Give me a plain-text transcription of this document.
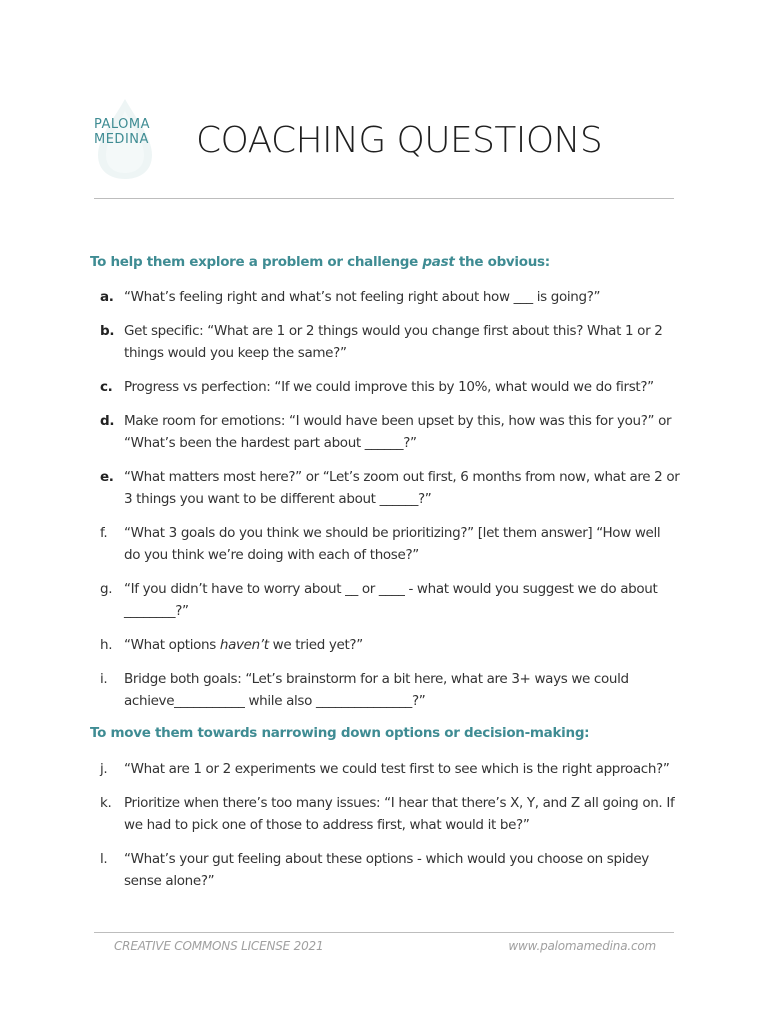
PALOMA
MEDINA	COACHING QUESTIONS
To help them explore a problem or challenge past the obvious:
a. “What’s feeling right and what’s not feeling right about how ___ is going?”
b. Get specific: “What are 1 or 2 things would you change first about this? What 1 or 2 things would you keep the same?”
c. Progress vs perfection: “If we could improve this by 10%, what would we do first?”
d. Make room for emotions: “I would have been upset by this, how was this for you?” or “What’s been the hardest part about ______?”
e. “What matters most here?” or “Let’s zoom out first, 6 months from now, what are 2 or 3 things you want to be different about ______?”
f.	“What 3 goals do you think we should be prioritizing?” [let them answer] “How well do you think we’re doing with each of those?”
g. “If you didn’t have to worry about __ or ____ - what would you suggest we do about ________?”
h. “What options haven’t we tried yet?”
i.	Bridge both goals: “Let’s brainstorm for a bit here, what are 3+ ways we could achieve___________ while also _______________?”
To move them towards narrowing down options or decision-making:
j.	“What are 1 or 2 experiments we could test first to see which is the right approach?”
k. Prioritize when there’s too many issues: “I hear that there’s X, Y, and Z all going on. If we had to pick one of those to address first, what would it be?”
l.	“What’s your gut feeling about these options - which would you choose on spidey sense alone?”
CREATIVE COMMONS LICENSE 2021	www.palomamedina.com
